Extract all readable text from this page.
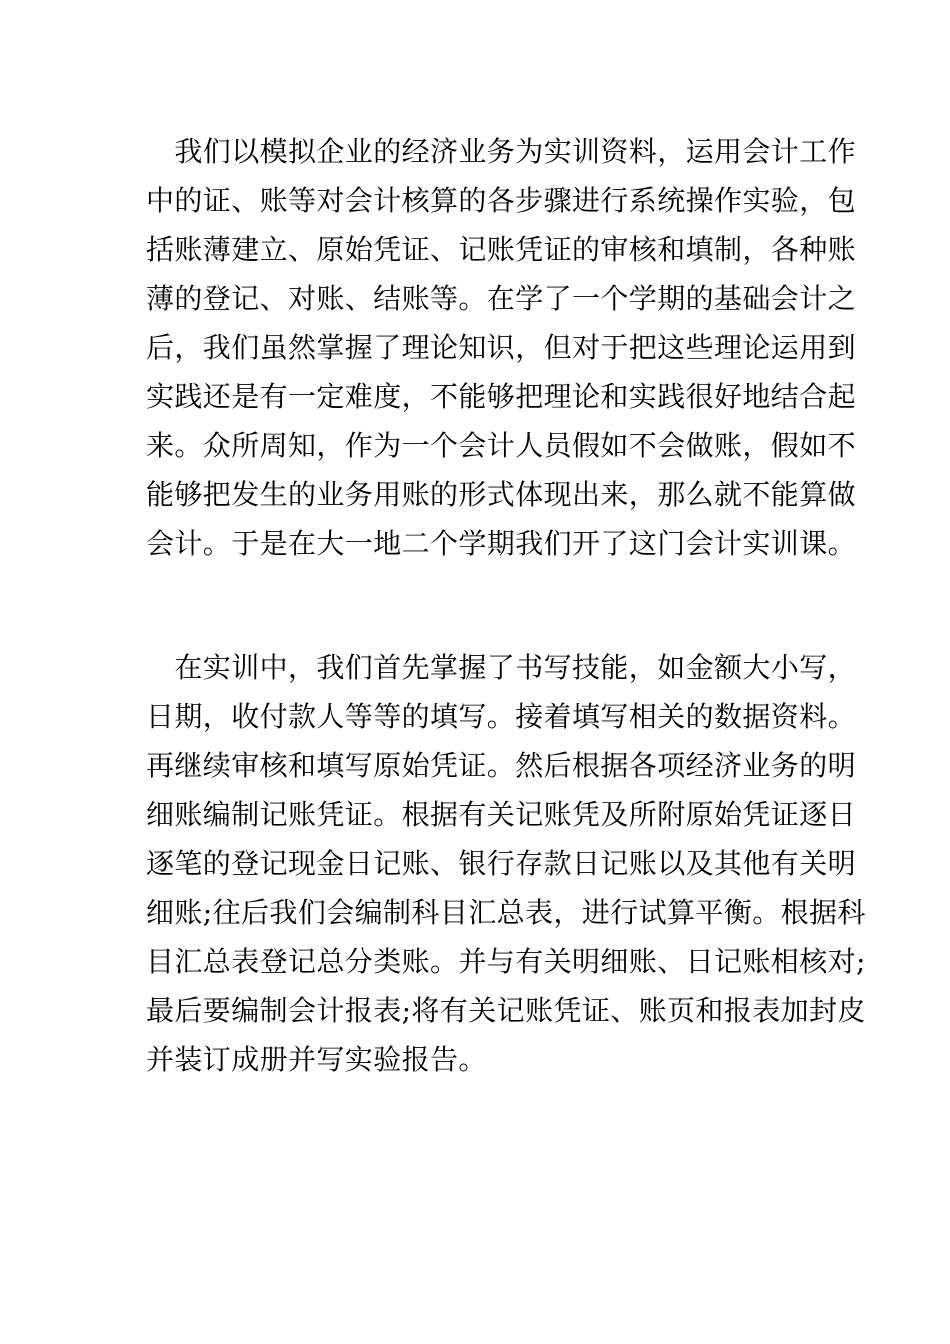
　我们以模拟企业的经济业务为实训资料，运用会计工作
中的证、账等对会计核算的各步骤进行系统操作实验，包
括账薄建立、原始凭证、记账凭证的审核和填制，各种账
薄的登记、对账、结账等。在学了一个学期的基础会计之
后，我们虽然掌握了理论知识，但对于把这些理论运用到
实践还是有一定难度，不能够把理论和实践很好地结合起
来。众所周知，作为一个会计人员假如不会做账，假如不
能够把发生的业务用账的形式体现出来，那么就不能算做
会计。于是在大一地二个学期我们开了这门会计实训课。
　在实训中，我们首先掌握了书写技能，如金额大小写，
日期，收付款人等等的填写。接着填写相关的数据资料。
再继续审核和填写原始凭证。然后根据各项经济业务的明
细账编制记账凭证。根据有关记账凭及所附原始凭证逐日
逐笔的登记现金日记账、银行存款日记账以及其他有关明
细账;往后我们会编制科目汇总表，进行试算平衡。根据科
目汇总表登记总分类账。并与有关明细账、日记账相核对;
最后要编制会计报表;将有关记账凭证、账页和报表加封皮
并装订成册并写实验报告。
